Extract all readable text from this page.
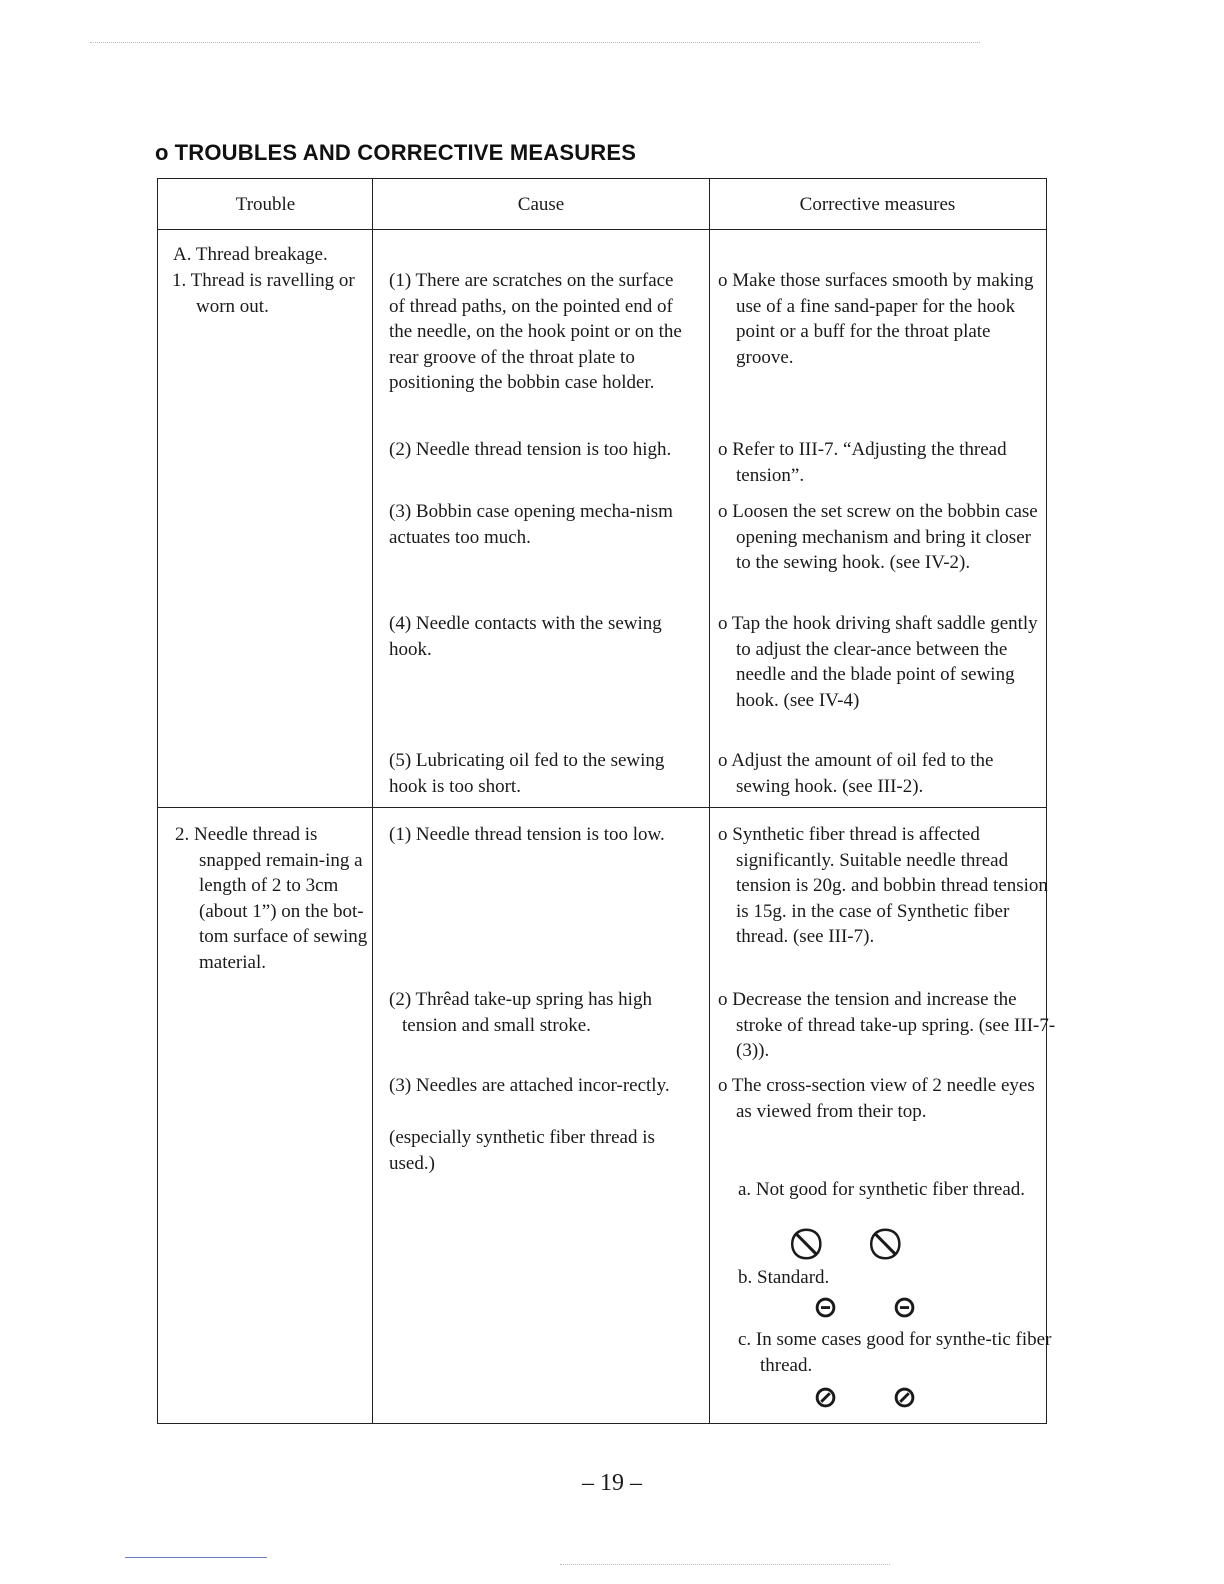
o TROUBLES AND CORRECTIVE MEASURES
Trouble	Cause	Corrective measures
A. Thread breakage.
1. Thread is ravelling or worn out.
(1) There are scratches on the surface of thread paths, on the pointed end of the needle, on the hook point or on the rear groove of the throat plate to positioning the bobbin case holder.
(2) Needle thread tension is too high.
(3) Bobbin case opening mecha-nism actuates too much.
(4) Needle contacts with the sewing hook.
(5) Lubricating oil fed to the sewing hook is too short.
o Make those surfaces smooth by making use of a fine sand-paper for the hook point or a buff for the throat plate groove.
o Refer to III-7. “Adjusting the thread tension”.
o Loosen the set screw on the bobbin case opening mechanism and bring it closer to the sewing hook. (see IV-2).
o Tap the hook driving shaft saddle gently to adjust the clear-ance between the needle and the blade point of sewing hook. (see IV-4)
o Adjust the amount of oil fed to the sewing hook. (see III-2).
2. Needle thread is snapped remain-ing a length of 2 to 3cm (about 1”) on the bot-tom surface of sewing material.
(1) Needle thread tension is too low.
(2) Thrêad take-up spring has high tension and small stroke.
(3) Needles are attached incor-rectly.
(especially synthetic fiber thread is used.)
o Synthetic fiber thread is affected significantly. Suitable needle thread tension is 20g. and bobbin thread tension is 15g. in the case of Synthetic fiber thread. (see III-7).
o Decrease the tension and increase the stroke of thread take-up spring. (see III-7-(3)).
o The cross-section view of 2 needle eyes as viewed from their top.
a. Not good for synthetic fiber thread.
b. Standard.
⊝ ⊝
c. In some cases good for synthe-tic fiber thread.
⊘ ⊘
– 19 –
